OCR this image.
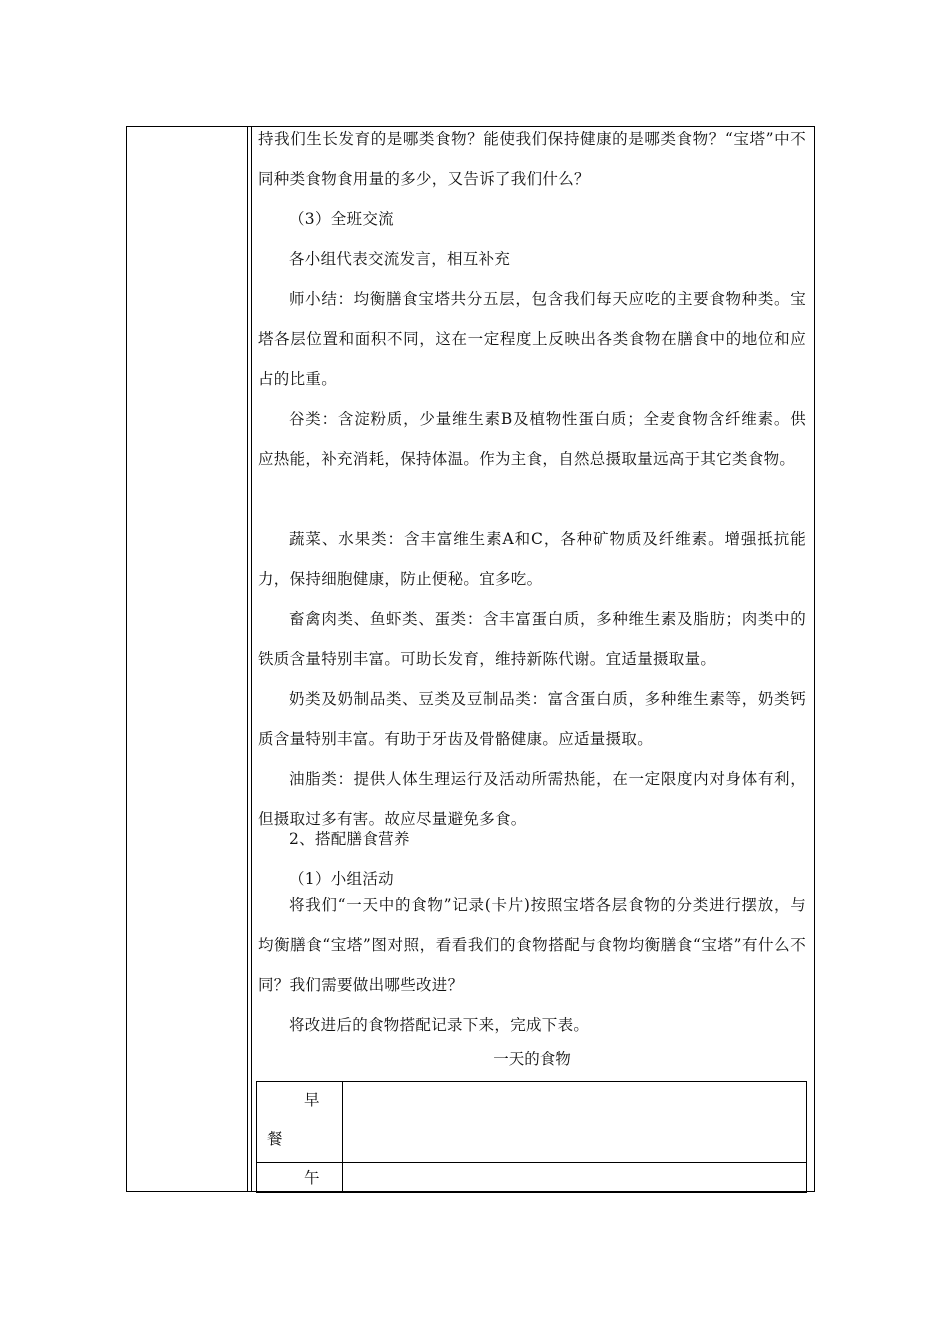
持我们生长发育的是哪类食物？能使我们保持健康的是哪类食物？“宝塔”中不同种类食物食用量的多少，又告诉了我们什么？

（3）全班交流

各小组代表交流发言，相互补充

师小结：均衡膳食宝塔共分五层，包含我们每天应吃的主要食物种类。宝塔各层位置和面积不同，这在一定程度上反映出各类食物在膳食中的地位和应占的比重。

谷类：含淀粉质，少量维生素B及植物性蛋白质；全麦食物含纤维素。供应热能，补充消耗，保持体温。作为主食，自然总摄取量远高于其它类食物。

蔬菜、水果类：含丰富维生素A和C，各种矿物质及纤维素。增强抵抗能力，保持细胞健康，防止便秘。宜多吃。

畜禽肉类、鱼虾类、蛋类：含丰富蛋白质，多种维生素及脂肪；肉类中的铁质含量特别丰富。可助长发育，维持新陈代谢。宜适量摄取量。

奶类及奶制品类、豆类及豆制品类：富含蛋白质，多种维生素等，奶类钙质含量特别丰富。有助于牙齿及骨骼健康。应适量摄取。

油脂类：提供人体生理运行及活动所需热能，在一定限度内对身体有利，但摄取过多有害。故应尽量避免多食。

2、搭配膳食营养

（1）小组活动

将我们“一天中的食物”记录(卡片)按照宝塔各层食物的分类进行摆放，与均衡膳食“宝塔”图对照，看看我们的食物搭配与食物均衡膳食“宝塔”有什么不同？我们需要做出哪些改进？

将改进后的食物搭配记录下来，完成下表。

一天的食物
早
餐
午
